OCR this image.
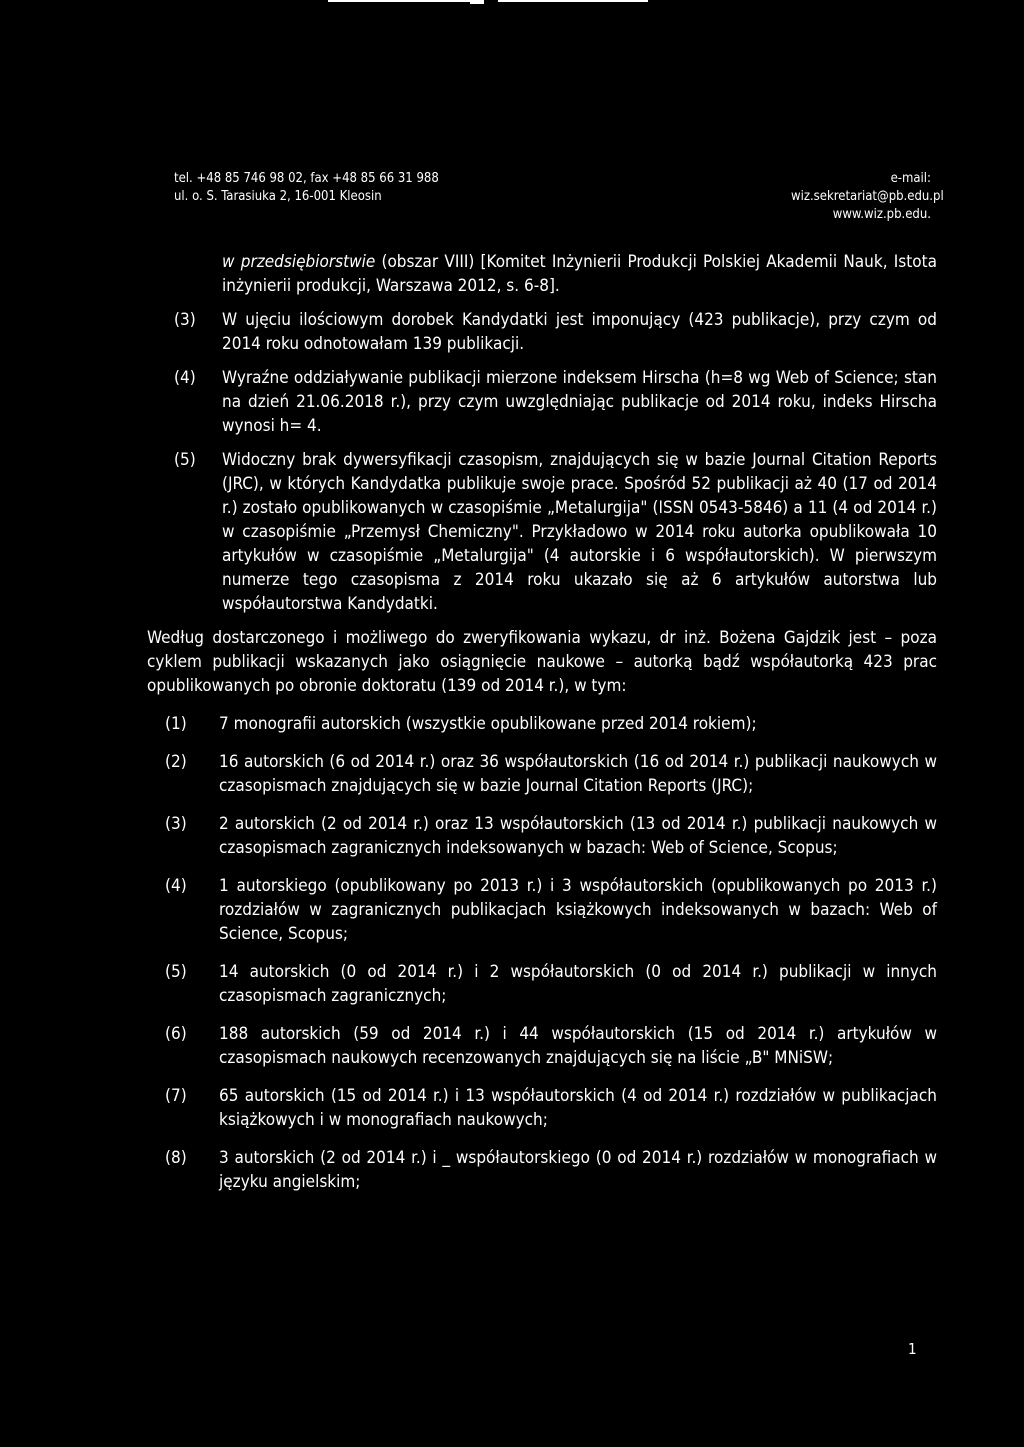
tel. +48 85 746 98 02, fax +48 85 66 31 988
ul. o. S. Tarasiuka 2, 16-001 Kleosin
e-mail: wiz.sekretariat@pb.edu.pl
www.wiz.pb.edu.
w przedsiębiorstwie (obszar VIII) [Komitet Inżynierii Produkcji Polskiej Akademii Nauk, Istota inżynierii produkcji, Warszawa 2012, s. 6-8].
(3) W ujęciu ilościowym dorobek Kandydatki jest imponujący (423 publikacje), przy czym od 2014 roku odnotowałam 139 publikacji.
(4) Wyraźne oddziaływanie publikacji mierzone indeksem Hirscha (h=8 wg Web of Science; stan na dzień 21.06.2018 r.), przy czym uwzględniając publikacje od 2014 roku, indeks Hirscha wynosi h= 4.
(5) Widoczny brak dywersyfikacji czasopism, znajdujących się w bazie Journal Citation Reports (JRC), w których Kandydatka publikuje swoje prace. Spośród 52 publikacji aż 40 (17 od 2014 r.) zostało opublikowanych w czasopiśmie „Metalurgija" (ISSN 0543-5846) a 11 (4 od 2014 r.) w czasopiśmie „Przemysł Chemiczny". Przykładowo w 2014 roku autorka opublikowała 10 artykułów w czasopiśmie „Metalurgija" (4 autorskie i 6 współautorskich). W pierwszym numerze tego czasopisma z 2014 roku ukazało się aż 6 artykułów autorstwa lub współautorstwa Kandydatki.
Według dostarczonego i możliwego do zweryfikowania wykazu, dr inż. Bożena Gajdzik jest – poza cyklem publikacji wskazanych jako osiągnięcie naukowe – autorką bądź współautorką 423 prac opublikowanych po obronie doktoratu (139 od 2014 r.), w tym:
(1) 7 monografii autorskich (wszystkie opublikowane przed 2014 rokiem);
(2) 16 autorskich (6 od 2014 r.) oraz 36 współautorskich (16 od 2014 r.) publikacji naukowych w czasopismach znajdujących się w bazie Journal Citation Reports (JRC);
(3) 2 autorskich (2 od 2014 r.) oraz 13 współautorskich (13 od 2014 r.) publikacji naukowych w czasopismach zagranicznych indeksowanych w bazach: Web of Science, Scopus;
(4) 1 autorskiego (opublikowany po 2013 r.) i 3 współautorskich (opublikowanych po 2013 r.) rozdziałów w zagranicznych publikacjach książkowych indeksowanych w bazach: Web of Science, Scopus;
(5) 14 autorskich (0 od 2014 r.) i 2 współautorskich (0 od 2014 r.) publikacji w innych czasopismach zagranicznych;
(6) 188 autorskich (59 od 2014 r.) i 44 współautorskich (15 od 2014 r.) artykułów w czasopismach naukowych recenzowanych znajdujących się na liście „B" MNiSW;
(7) 65 autorskich (15 od 2014 r.) i 13 współautorskich (4 od 2014 r.) rozdziałów w publikacjach książkowych i w monografiach naukowych;
(8) 3 autorskich (2 od 2014 r.) i _ współautorskiego (0 od 2014 r.) rozdziałów w monografiach w języku angielskim;
1
